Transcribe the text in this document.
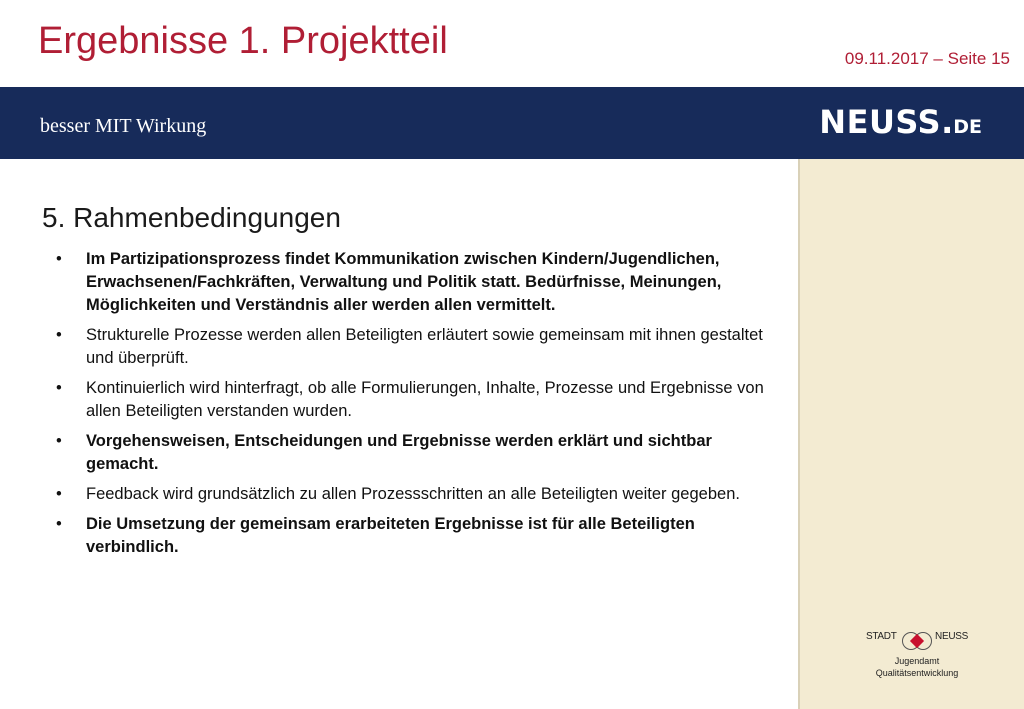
Ergebnisse 1. Projektteil	09.11.2017 – Seite 15
besser MIT Wirkung	NEUSS.DE
5. Rahmenbedingungen
• Im Partizipationsprozess findet Kommunikation zwischen Kindern/Jugendlichen, Erwachsenen/Fachkräften, Verwaltung und Politik statt. Bedürfnisse, Meinungen, Möglichkeiten und Verständnis aller werden allen vermittelt.
• Strukturelle Prozesse werden allen Beteiligten erläutert sowie gemeinsam mit ihnen gestaltet und überprüft.
• Kontinuierlich wird hinterfragt, ob alle Formulierungen, Inhalte, Prozesse und Ergebnisse von allen Beteiligten verstanden wurden.
• Vorgehensweisen, Entscheidungen und Ergebnisse werden erklärt und sichtbar gemacht.
• Feedback wird grundsätzlich zu allen Prozessschritten an alle Beteiligten weiter gegeben.
• Die Umsetzung der gemeinsam erarbeiteten Ergebnisse ist für alle Beteiligten verbindlich.
STADT	NEUSS
Jugendamt
Qualitätsentwicklung
